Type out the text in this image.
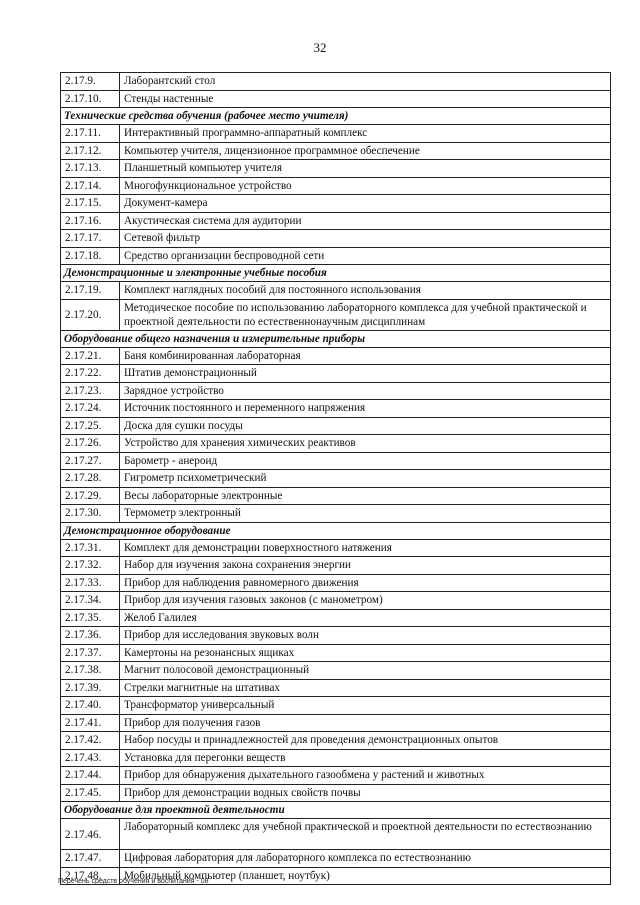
32
2.17.9.	Лаборантский стол
2.17.10.	Стенды настенные
Технические средства обучения (рабочее место учителя)	
2.17.11.	Интерактивный программно-аппаратный комплекс
2.17.12.	Компьютер учителя, лицензионное программное обеспечение
2.17.13.	Планшетный компьютер учителя
2.17.14.	Многофункциональное устройство
2.17.15.	Документ-камера
2.17.16.	Акустическая система для аудитории
2.17.17.	Сетевой фильтр
2.17.18.	Средство организации беспроводной сети
Демонстрационные и электронные учебные пособия	
2.17.19.	Комплект наглядных пособий для постоянного использования
2.17.20.	Методическое пособие по использованию лабораторного комплекса для учебной практической и проектной деятельности по естественнонаучным дисциплинам
Оборудование общего назначения и измерительные приборы	
2.17.21.	Баня комбинированная лабораторная
2.17.22.	Штатив демонстрационный
2.17.23.	Зарядное устройство
2.17.24.	Источник постоянного и переменного напряжения
2.17.25.	Доска для сушки посуды
2.17.26.	Устройство для хранения химических реактивов
2.17.27.	Барометр - анероид
2.17.28.	Гигрометр психометрический
2.17.29.	Весы лабораторные электронные
2.17.30.	Термометр электронный
Демонстрационное оборудование	
2.17.31.	Комплект для демонстрации поверхностного натяжения
2.17.32.	Набор для изучения закона сохранения энергии
2.17.33.	Прибор для наблюдения равномерного движения
2.17.34.	Прибор для изучения газовых законов (с манометром)
2.17.35.	Желоб Галилея
2.17.36.	Прибор для исследования звуковых волн
2.17.37.	Камертоны на резонансных ящиках
2.17.38.	Магнит полосовой демонстрационный
2.17.39.	Стрелки магнитные на штативах
2.17.40.	Трансформатор универсальный
2.17.41.	Прибор для получения газов
2.17.42.	Набор посуды и принадлежностей для проведения демонстрационных опытов
2.17.43.	Установка для перегонки веществ
2.17.44.	Прибор для обнаружения дыхательного газообмена у растений и животных
2.17.45.	Прибор для демонстрации водных свойств почвы
Оборудование для проектной деятельности	
2.17.46.	Лабораторный комплекс для учебной практической и проектной деятельности по естествознанию
2.17.47.	Цифровая лаборатория для лабораторного комплекса по естествознанию
2.17.48.	Мобильный компьютер (планшет, ноутбук)
Перечень средств обучения и воспитания - 08
